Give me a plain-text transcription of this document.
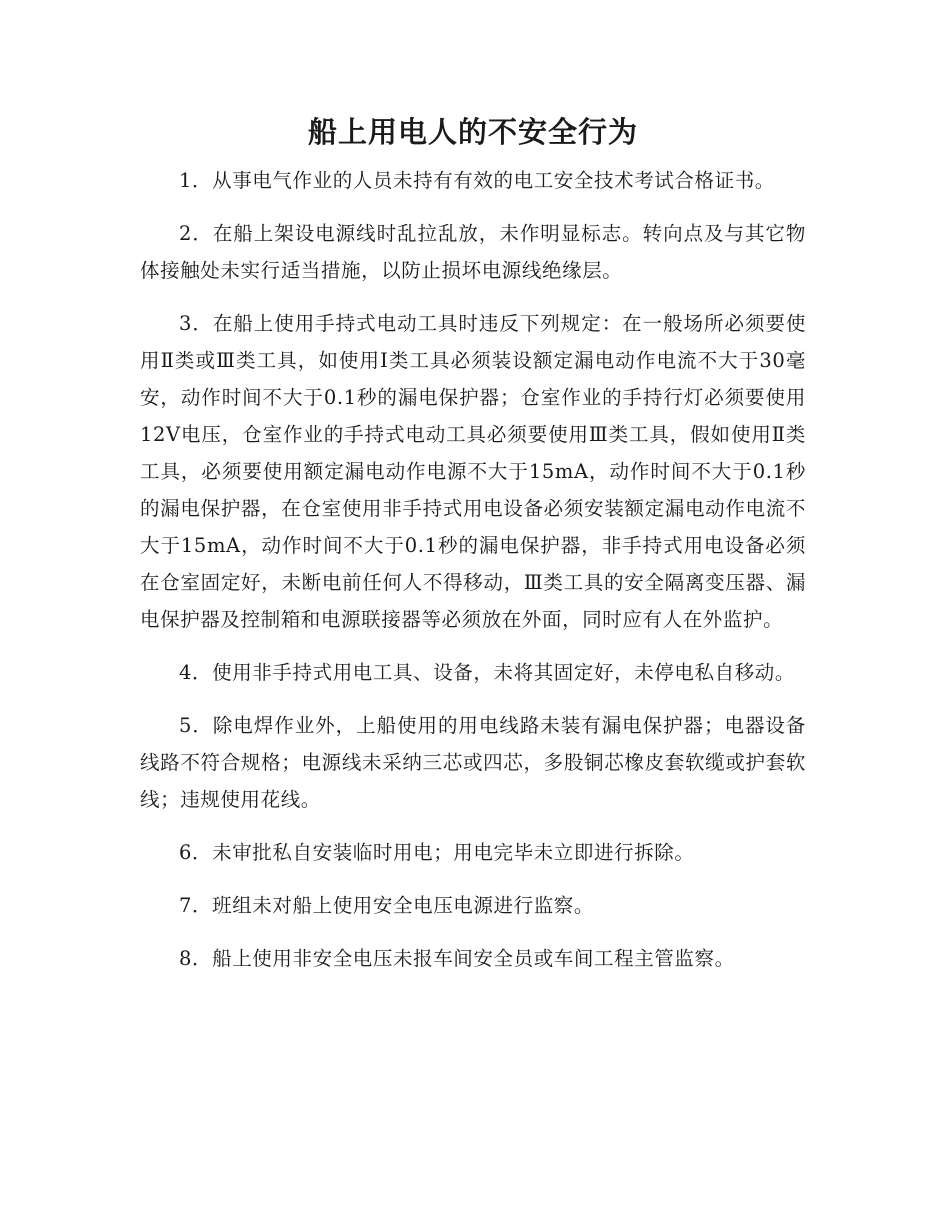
船上用电人的不安全行为

1．从事电气作业的人员未持有有效的电工安全技术考试合格证书。

2．在船上架设电源线时乱拉乱放，未作明显标志。转向点及与其它物体接触处未实行适当措施，以防止损坏电源线绝缘层。

3．在船上使用手持式电动工具时违反下列规定：在一般场所必须要使用Ⅱ类或Ⅲ类工具，如使用Ⅰ类工具必须装设额定漏电动作电流不大于30毫安，动作时间不大于0.1秒的漏电保护器；仓室作业的手持行灯必须要使用12V电压，仓室作业的手持式电动工具必须要使用Ⅲ类工具，假如使用Ⅱ类工具，必须要使用额定漏电动作电源不大于15mA，动作时间不大于0.1秒的漏电保护器，在仓室使用非手持式用电设备必须安装额定漏电动作电流不大于15mA，动作时间不大于0.1秒的漏电保护器，非手持式用电设备必须在仓室固定好，未断电前任何人不得移动，Ⅲ类工具的安全隔离变压器、漏电保护器及控制箱和电源联接器等必须放在外面，同时应有人在外监护。

4．使用非手持式用电工具、设备，未将其固定好，未停电私自移动。

5．除电焊作业外，上船使用的用电线路未装有漏电保护器；电器设备线路不符合规格；电源线未采纳三芯或四芯，多股铜芯橡皮套软缆或护套软线；违规使用花线。

6．未审批私自安装临时用电；用电完毕未立即进行拆除。

7．班组未对船上使用安全电压电源进行监察。

8．船上使用非安全电压未报车间安全员或车间工程主管监察。
